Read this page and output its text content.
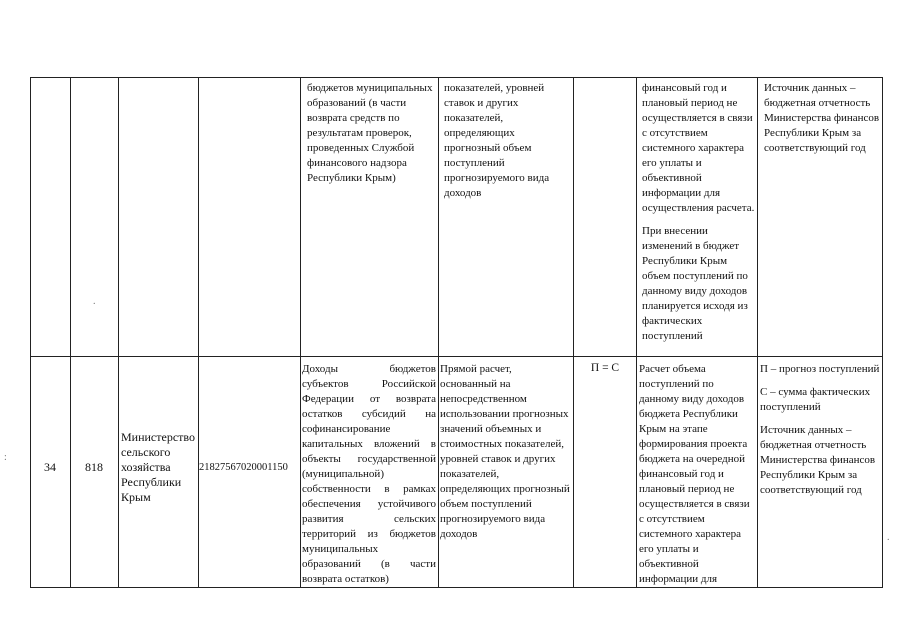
бюджетов муниципальных образований (в части возврата средств по результатам проверок, проведенных Службой финансового надзора Республики Крым)
показателей, уровней ставок и других показателей, определяющих прогнозный объем поступлений прогнозируемого вида доходов

финансовый год и плановый период не осуществляется в связи с отсутствием системного характера его уплаты и объективной информации для осуществления расчета.

При внесении изменений в бюджет Республики Крым объем поступлений по данному виду доходов планируется исходя из фактических поступлений

Источник данных – бюджетная отчетность Министерства финансов Республики Крым за соответствующий год
34	818
Министерство сельского хозяйства Республики Крым
21827567020001150
Доходы бюджетов субъектов Российской Федерации от возврата остатков субсидий на софинансирование капитальных вложений в объекты государственной (муниципальной) собственности в рамках обеспечения устойчивого развития сельских территорий из бюджетов муниципальных образований (в части возврата остатков)
Прямой расчет, основанный на непосредственном использовании прогнозных значений объемных и стоимостных показателей, уровней ставок и других показателей, определяющих прогнозный объем поступлений прогнозируемого вида доходов
П = С	Расчет объема поступлений по данному виду доходов бюджета Республики Крым на этапе формирования проекта бюджета на очередной финансовый год и плановый период не осуществляется в связи с отсутствием системного характера его уплаты и объективной информации для

П – прогноз поступлений

С – сумма фактических поступлений

Источник данных – бюджетная отчетность Министерства финансов Республики Крым за соответствующий год

.
:
.
